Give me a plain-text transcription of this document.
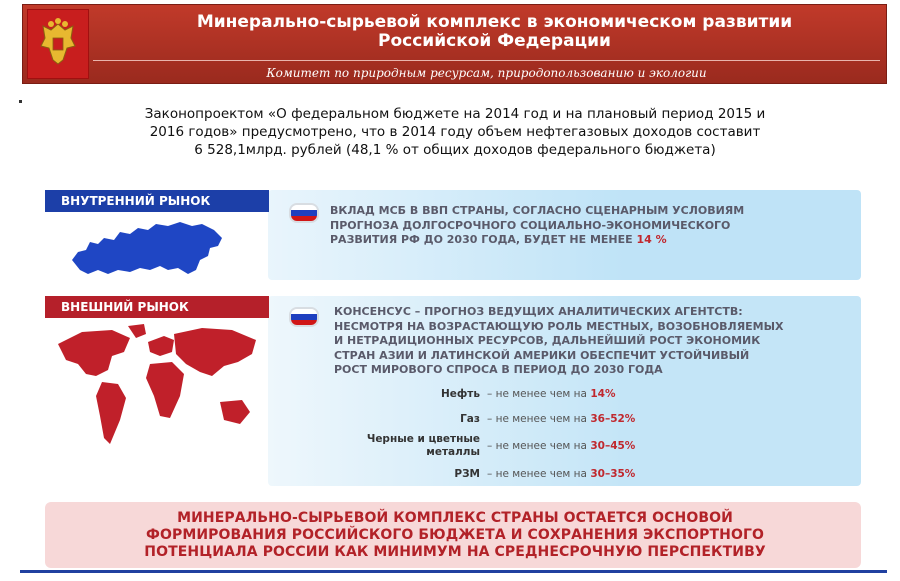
Минерально-сырьевой комплекс в экономическом развитии
Российской Федерации
Комитет по природным ресурсам, природопользованию и экологии
Законопроектом «О федеральном бюджете на 2014 год и на плановый период 2015 и
2016 годов» предусмотрено, что в 2014 году объем нефтегазовых доходов составит
6 528,1млрд. рублей (48,1 % от общих доходов федерального бюджета)
ВНУТРЕННИЙ РЫНОК
ВКЛАД МСБ В ВВП СТРАНЫ, СОГЛАСНО СЦЕНАРНЫМ УСЛОВИЯМ
ПРОГНОЗА ДОЛГОСРОЧНОГО СОЦИАЛЬНО-ЭКОНОМИЧЕСКОГО
РАЗВИТИЯ РФ ДО 2030 ГОДА, БУДЕТ НЕ МЕНЕЕ 14 %
ВНЕШНИЙ РЫНОК	КОНСЕНСУС – ПРОГНОЗ ВЕДУЩИХ АНАЛИТИЧЕСКИХ АГЕНТСТВ:
НЕСМОТРЯ НА ВОЗРАСТАЮЩУЮ РОЛЬ МЕСТНЫХ, ВОЗОБНОВЛЯЕМЫХ
И НЕТРАДИЦИОННЫХ РЕСУРСОВ, ДАЛЬНЕЙШИЙ РОСТ ЭКОНОМИК
СТРАН АЗИИ И ЛАТИНСКОЙ АМЕРИКИ ОБЕСПЕЧИТ УСТОЙЧИВЫЙ
РОСТ МИРОВОГО СПРОСА В ПЕРИОД ДО 2030 ГОДА
Нефть – не менее чем на 14%
Газ – не менее чем на 36–52%
Черные и цветные металлы – не менее чем на 30–45%
РЗМ – не менее чем на 30–35%
МИНЕРАЛЬНО-СЫРЬЕВОЙ КОМПЛЕКС СТРАНЫ ОСТАЕТСЯ ОСНОВОЙ
ФОРМИРОВАНИЯ РОССИЙСКОГО БЮДЖЕТА И СОХРАНЕНИЯ ЭКСПОРТНОГО
ПОТЕНЦИАЛА РОССИИ КАК МИНИМУМ НА СРЕДНЕСРОЧНУЮ ПЕРСПЕКТИВУ
